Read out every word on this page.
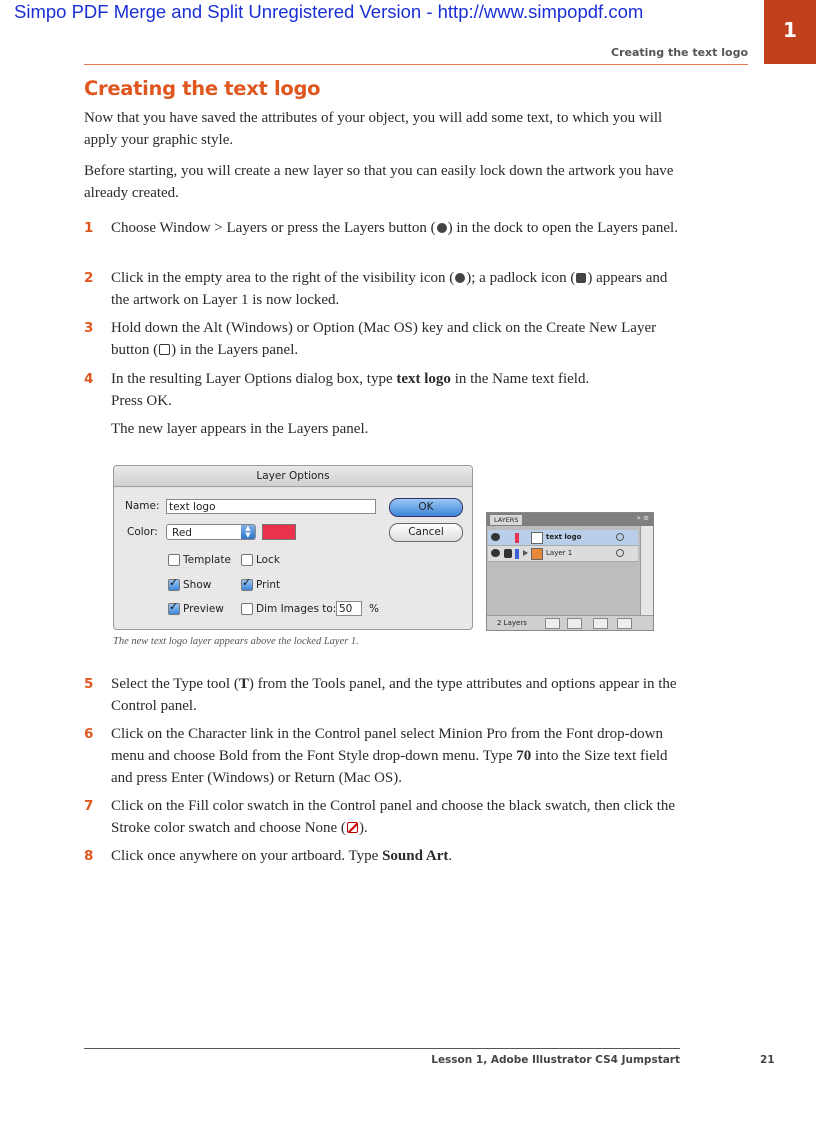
Simpo PDF Merge and Split Unregistered Version - http://www.simpopdf.com
Creating the text logo
1
Creating the text logo

Now that you have saved the attributes of your object, you will add some text, to which you will apply your graphic style.

Before starting, you will create a new layer so that you can easily lock down the artwork you have already created.

1 Choose Window > Layers or press the Layers button ( ) in the dock to open the Layers panel.
2 Click in the empty area to the right of the visibility icon ( ); a padlock icon ( ) appears and the artwork on Layer 1 is now locked.
3 Hold down the Alt (Windows) or Option (Mac OS) key and click on the Create New Layer button ( ) in the Layers panel.
4 In the resulting Layer Options dialog box, type text logo in the Name text field.
Press OK.

The new layer appears in the Layers panel.

Layer Options
Name: text logo	OK
Color:	Red	▲
▼	Cancel
Template Lock
✓
Show
✓	Print
✓
Preview	Dim Images to: 50	%
LAYERS	» ≡
text logo
Layer 1
2 Layers
The new text logo layer appears above the locked Layer 1.
5 Select the Type tool (T) from the Tools panel, and the type attributes and options appear in the Control panel.
6 Click on the Character link in the Control panel select Minion Pro from the Font drop-down menu and choose Bold from the Font Style drop-down menu. Type 70 into the Size text field and press Enter (Windows) or Return (Mac OS).
7 Click on the Fill color swatch in the Control panel and choose the black swatch, then click the Stroke color swatch and choose None ( ).
8 Click once anywhere on your artboard. Type Sound Art.
Lesson 1, Adobe Illustrator CS4 Jumpstart	21
